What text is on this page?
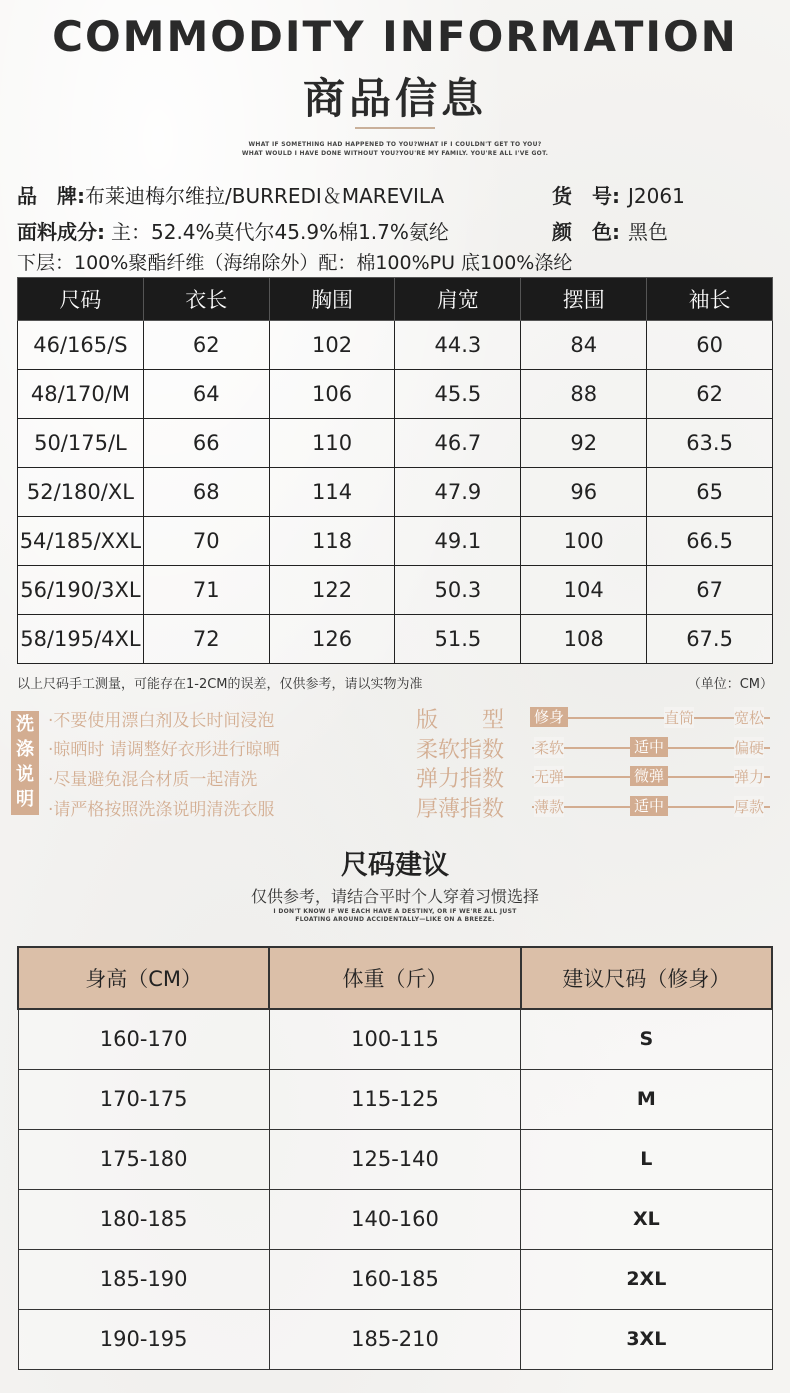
COMMODITY INFORMATION
商品信息
WHAT IF SOMETHING HAD HAPPENED TO YOU?WHAT IF I COULDN'T GET TO YOU?
WHAT WOULD I HAVE DONE WITHOUT YOU?YOU'RE MY FAMILY. YOU'RE ALL I'VE GOT.
品　牌:布莱迪梅尔维拉/BURREDI＆MAREVILA	货　号: J2061
面料成分: 主：52.4%莫代尔45.9%棉1.7%氨纶	颜　色: 黑色
下层：100%聚酯纤维（海绵除外）配：棉100%PU 底100%涤纶
尺码	衣长	胸围	肩宽	摆围	袖长
46/165/S	62	102	44.3	84	60
48/170/M	64	106	45.5	88	62
50/175/L	66	110	46.7	92	63.5
52/180/XL	68	114	47.9	96	65
54/185/XXL	70	118	49.1	100	66.5
56/190/3XL	71	122	50.3	104	67
58/195/4XL	72	126	51.5	108	67.5
以上尺码手工测量，可能存在1-2CM的误差，仅供参考，请以实物为准	（单位：CM）
洗涤说明
·不要使用漂白剂及长时间浸泡
·晾晒时 请调整好衣形进行晾晒
·尽量避免混合材质一起清洗
·请严格按照洗涤说明清洗衣服
版　　型 修身	直筒	宽松
柔软指数 柔软	适中	偏硬
弹力指数 无弹	微弹	弹力
厚薄指数 薄款	适中	厚款
尺码建议
仅供参考，请结合平时个人穿着习惯选择
I DON'T KNOW IF WE EACH HAVE A DESTINY, OR IF WE'RE ALL JUST
FLOATING AROUND ACCIDENTALLY—LIKE ON A BREEZE.
身高（CM）	体重（斤）	建议尺码（修身）
160-170	100-115	S
170-175	115-125	M
175-180	125-140	L
180-185	140-160	XL
185-190	160-185	2XL
190-195	185-210	3XL
